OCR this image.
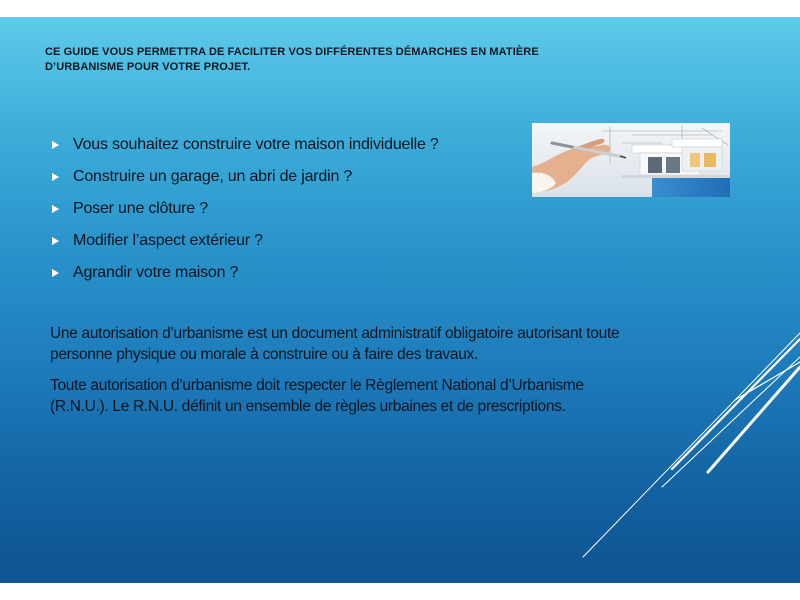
CE GUIDE VOUS PERMETTRA DE FACILITER VOS DIFFÉRENTES DÉMARCHES EN MATIÈRE D’URBANISME POUR VOTRE PROJET.
Vous souhaitez construire votre maison individuelle ?
Construire un garage, un abri de jardin ?
Poser une clôture ?
Modifier l’aspect extérieur ?
Agrandir votre maison ?

Une autorisation d’urbanisme est un document administratif obligatoire autorisant toute personne physique ou morale à construire ou à faire des travaux.

Toute autorisation d’urbanisme doit respecter le Règlement National d’Urbanisme (R.N.U.). Le R.N.U. définit un ensemble de règles urbaines et de prescriptions.
